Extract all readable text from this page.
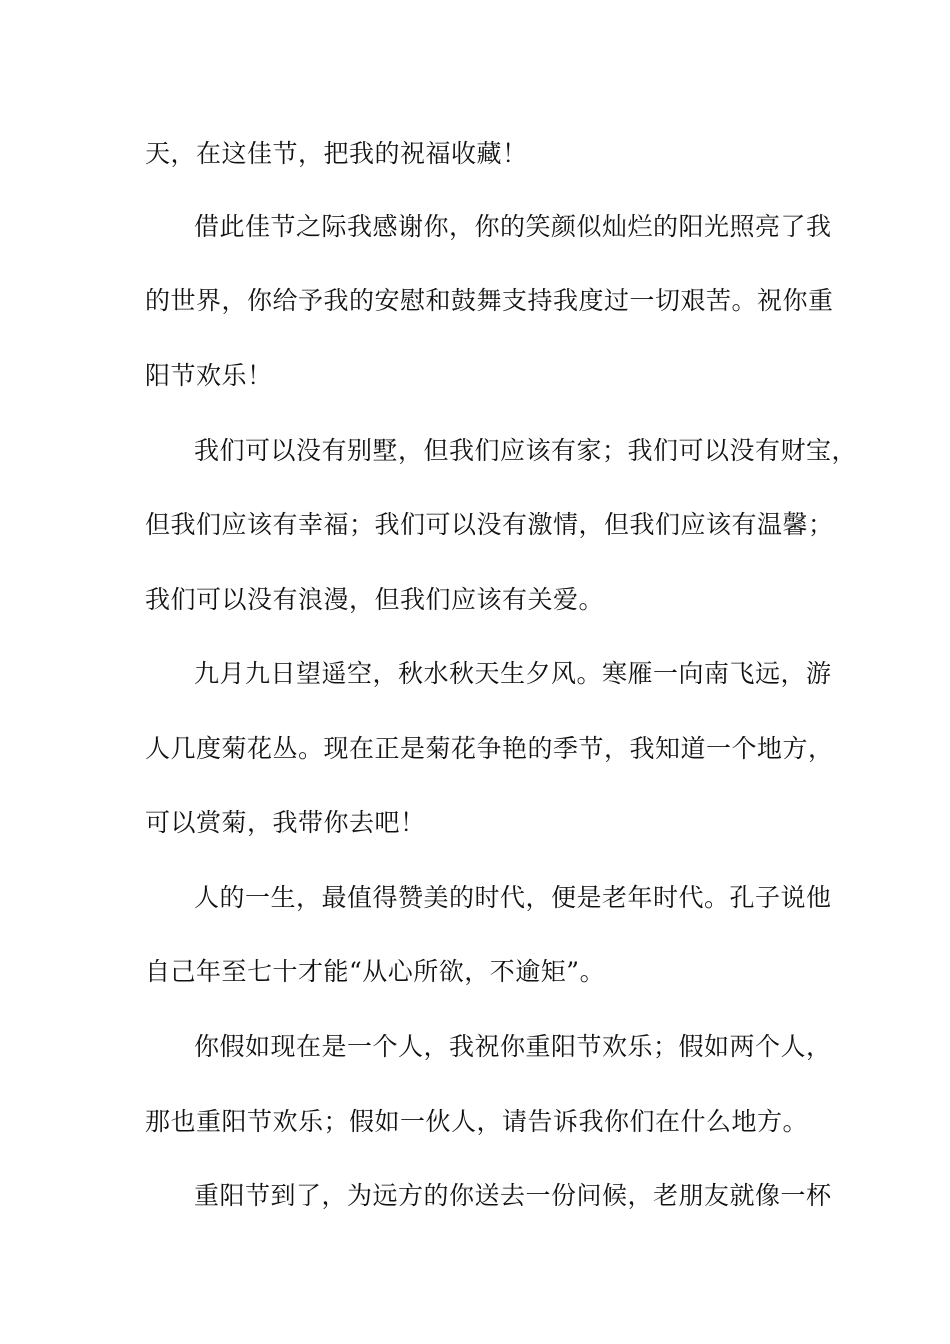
天，在这佳节，把我的祝福收藏！
借此佳节之际我感谢你，你的笑颜似灿烂的阳光照亮了我
的世界，你给予我的安慰和鼓舞支持我度过一切艰苦。祝你重
阳节欢乐！
我们可以没有别墅，但我们应该有家；我们可以没有财宝，
但我们应该有幸福；我们可以没有激情，但我们应该有温馨；
我们可以没有浪漫，但我们应该有关爱。
九月九日望遥空，秋水秋天生夕风。寒雁一向南飞远，游
人几度菊花丛。现在正是菊花争艳的季节，我知道一个地方，
可以赏菊，我带你去吧！
人的一生，最值得赞美的时代，便是老年时代。孔子说他
自己年至七十才能“从心所欲，不逾矩”。
你假如现在是一个人，我祝你重阳节欢乐；假如两个人，
那也重阳节欢乐；假如一伙人，请告诉我你们在什么地方。
重阳节到了，为远方的你送去一份问候，老朋友就像一杯
